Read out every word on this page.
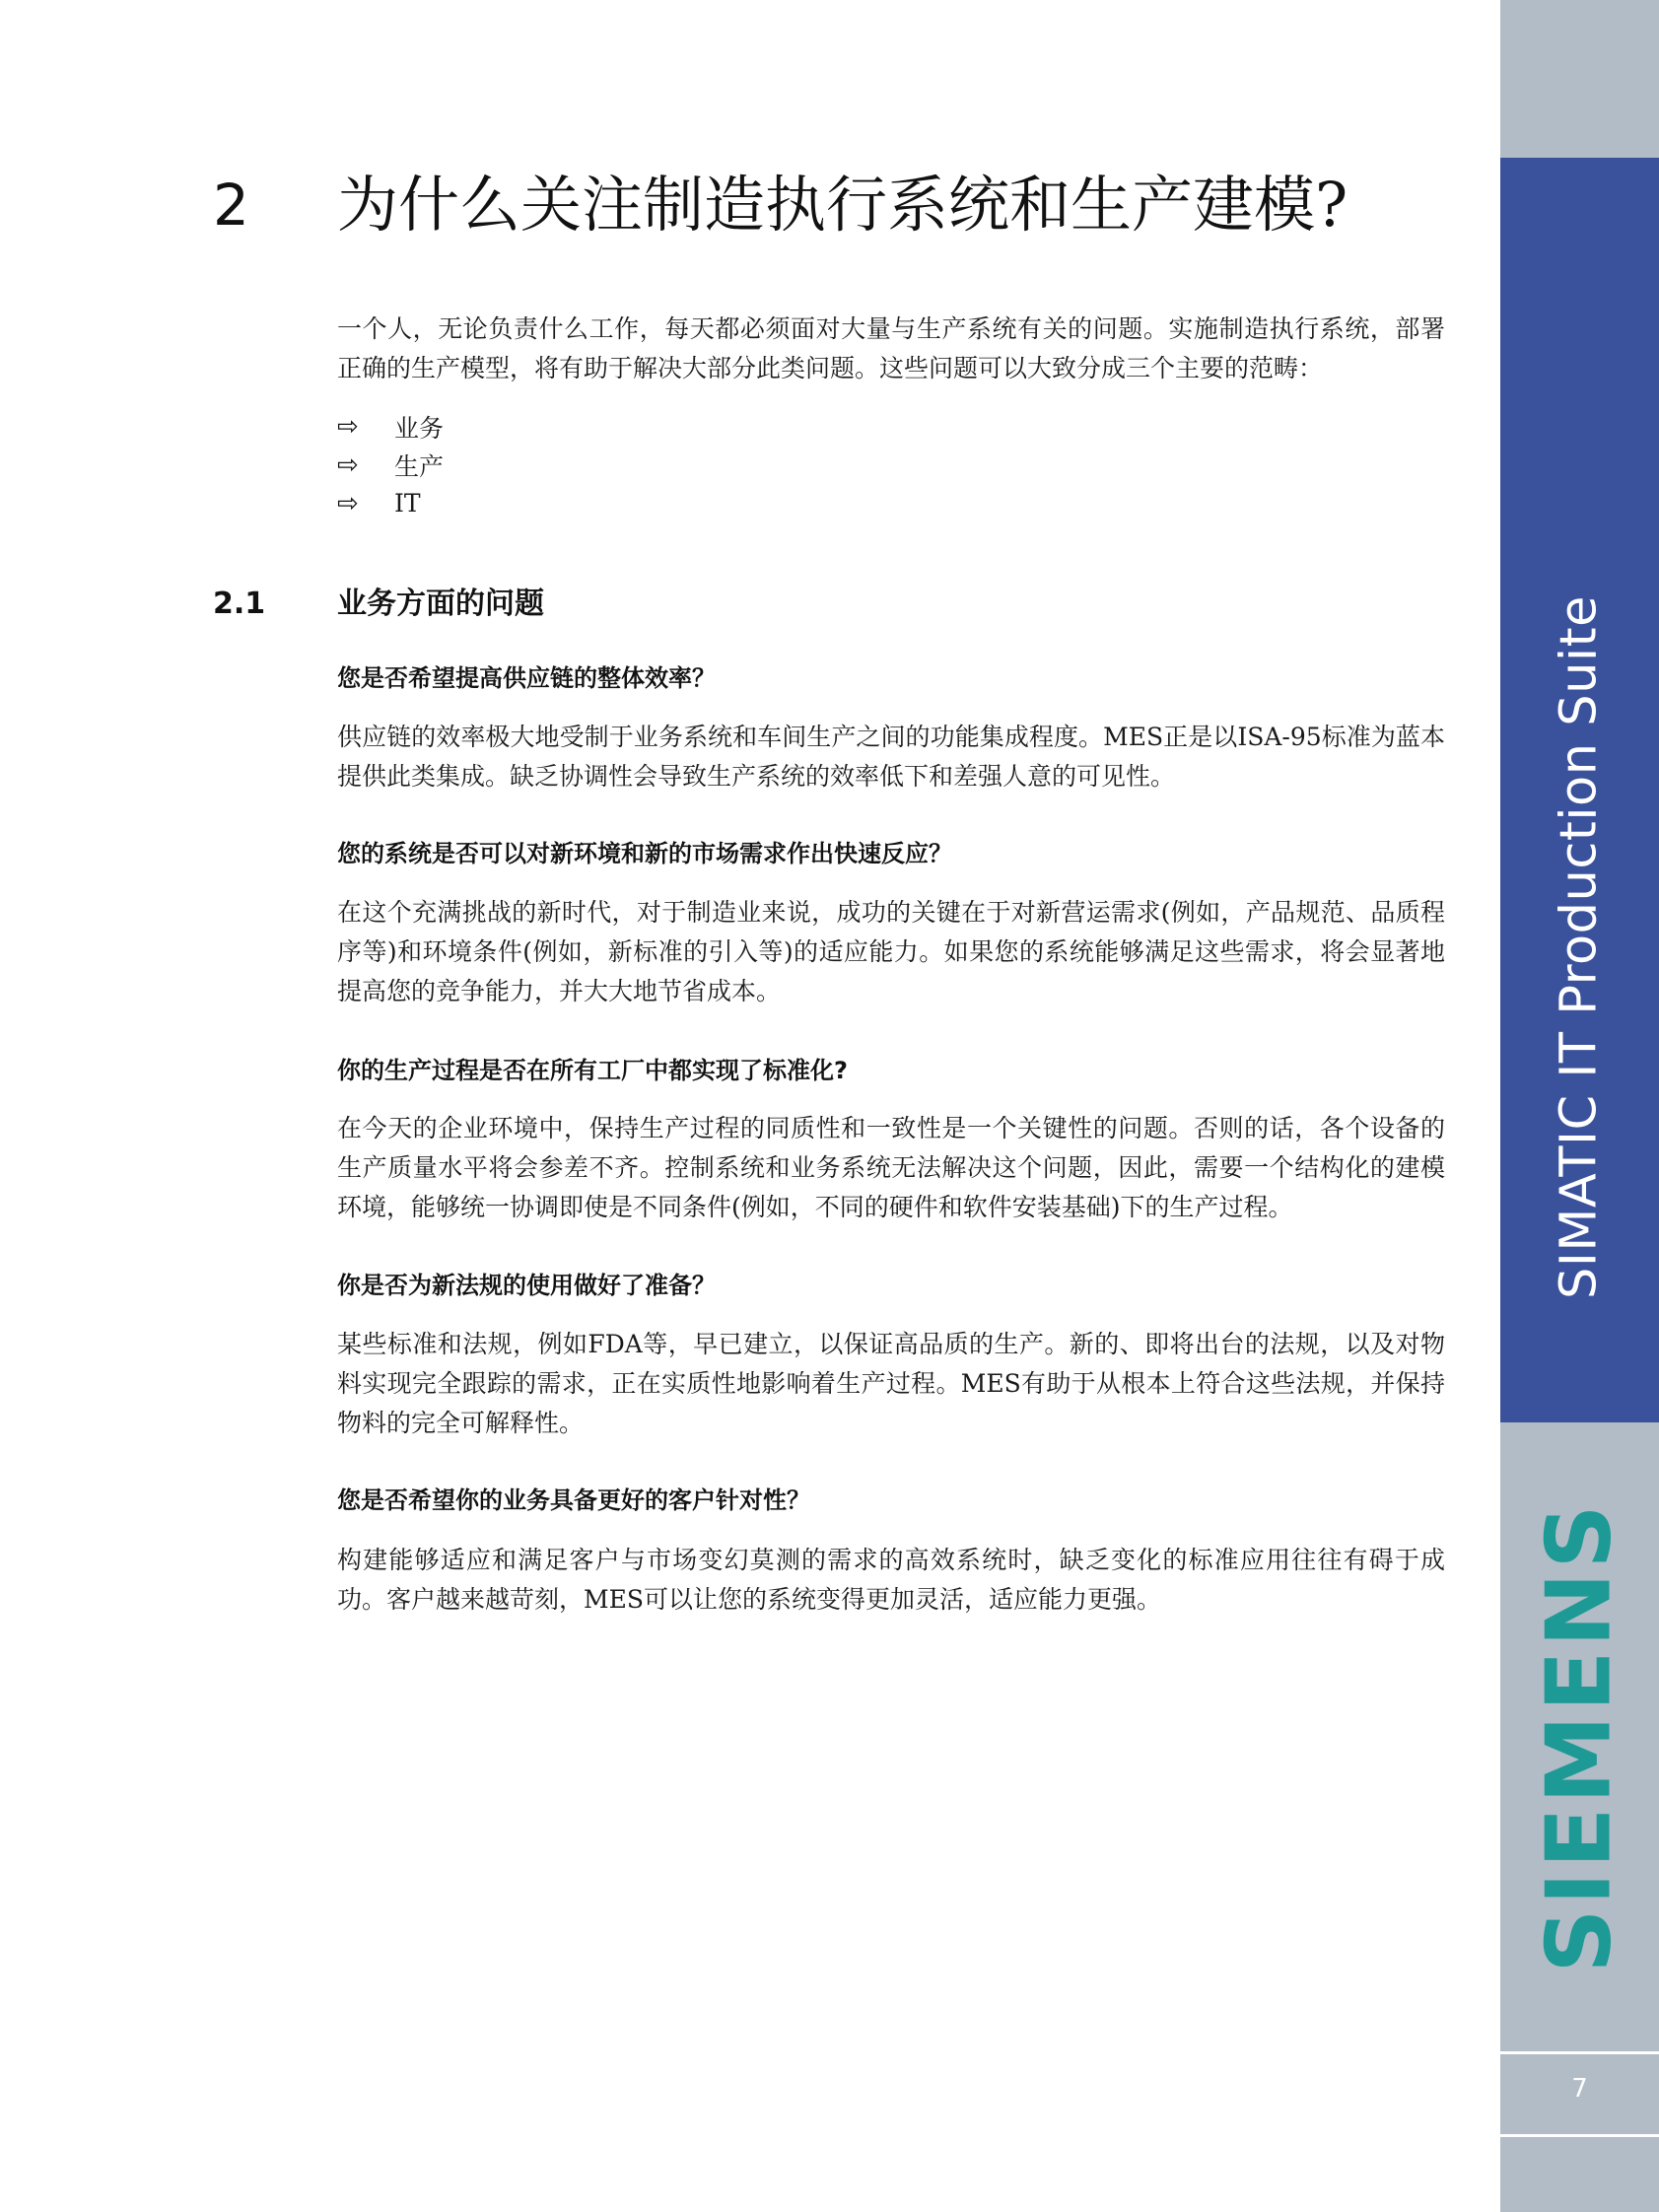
2 为什么关注制造执行系统和生产建模?

一个人，无论负责什么工作，每天都必须面对大量与生产系统有关的问题。实施制造执行系统，部署正确的生产模型，将有助于解决大部分此类问题。这些问题可以大致分成三个主要的范畴：

⇨	业务
⇨	生产
⇨	IT
2.1 业务方面的问题
您是否希望提高供应链的整体效率？

供应链的效率极大地受制于业务系统和车间生产之间的功能集成程度。MES正是以ISA-95标准为蓝本提供此类集成。缺乏协调性会导致生产系统的效率低下和差强人意的可见性。

您的系统是否可以对新环境和新的市场需求作出快速反应？

在这个充满挑战的新时代，对于制造业来说，成功的关键在于对新营运需求(例如，产品规范、品质程序等)和环境条件(例如，新标准的引入等)的适应能力。如果您的系统能够满足这些需求，将会显著地提高您的竞争能力，并大大地节省成本。

你的生产过程是否在所有工厂中都实现了标准化?

在今天的企业环境中，保持生产过程的同质性和一致性是一个关键性的问题。否则的话，各个设备的生产质量水平将会参差不齐。控制系统和业务系统无法解决这个问题，因此，需要一个结构化的建模环境，能够统一协调即使是不同条件(例如，不同的硬件和软件安装基础)下的生产过程。

你是否为新法规的使用做好了准备？

某些标准和法规，例如FDA等，早已建立，以保证高品质的生产。新的、即将出台的法规，以及对物料实现完全跟踪的需求，正在实质性地影响着生产过程。MES有助于从根本上符合这些法规，并保持物料的完全可解释性。

您是否希望你的业务具备更好的客户针对性？

构建能够适应和满足客户与市场变幻莫测的需求的高效系统时，缺乏变化的标准应用往往有碍于成功。客户越来越苛刻，MES可以让您的系统变得更加灵活，适应能力更强。

SIMATIC IT Production Suite
SIEMENS
7
